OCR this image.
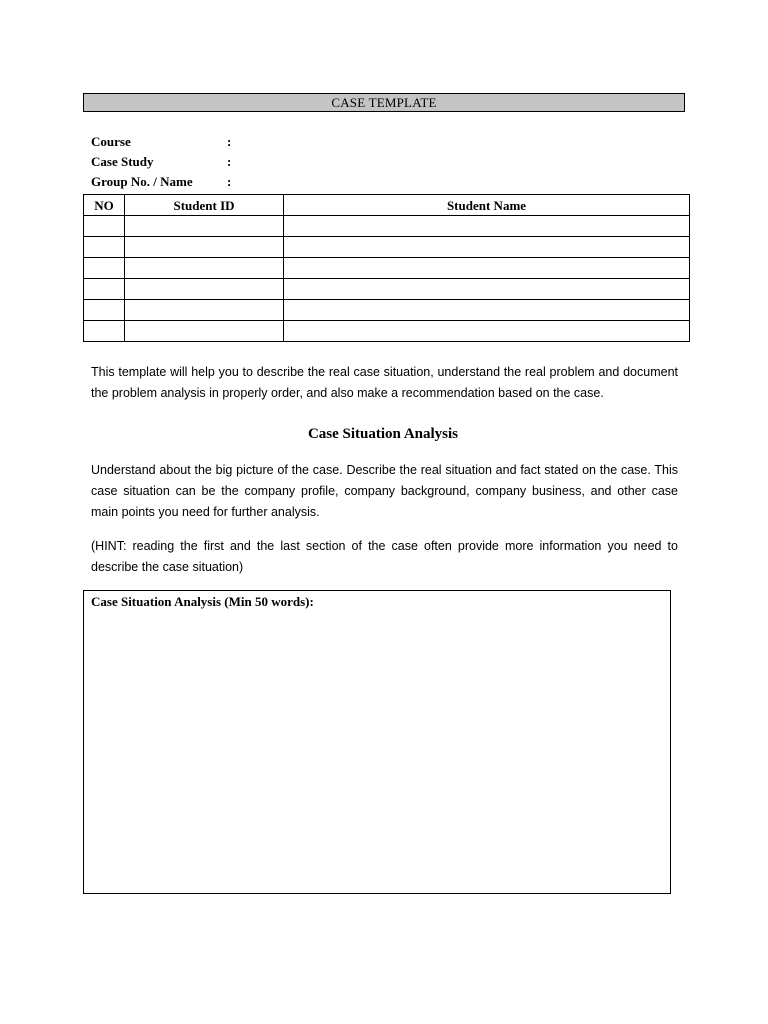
CASE TEMPLATE
Course	:
Case Study	:
Group No. / Name	:
NO	Student ID	Student Name

This template will help you to describe the real case situation, understand the real problem and document the problem analysis in properly order, and also make a recommendation based on the case.
Case Situation Analysis
Understand about the big picture of the case. Describe the real situation and fact stated on the case. This case situation can be the company profile, company background, company business, and other case main points you need for further analysis.
(HINT: reading the first and the last section of the case often provide more information you need to describe the case situation)
Case Situation Analysis (Min 50 words):
